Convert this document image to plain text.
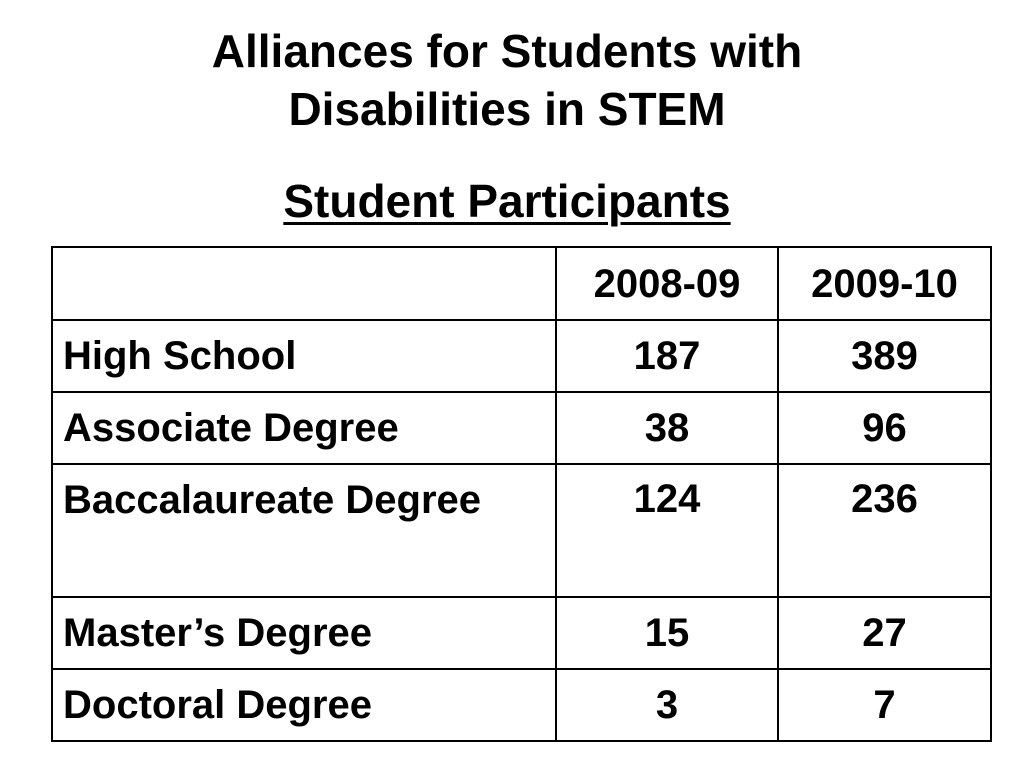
Alliances for Students with
Disabilities in STEM
Student Participants
	2008-09	2009-10
High School	187	389
Associate Degree	38	96
Baccalaureate Degree	124	236
Master’s Degree	15	27
Doctoral Degree	3	7
